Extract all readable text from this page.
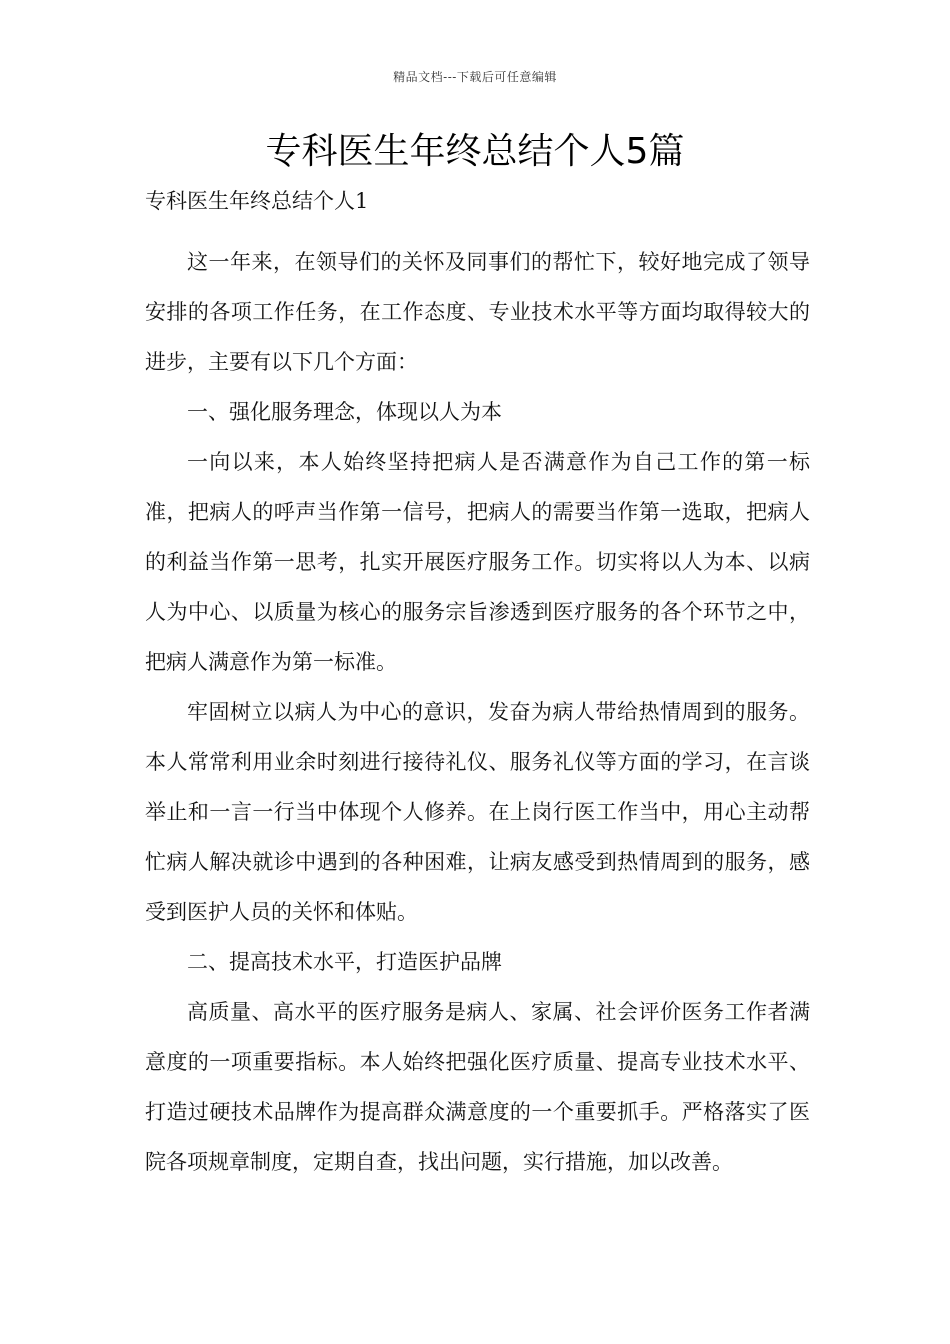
精品文档---下载后可任意编辑
专科医生年终总结个人5篇

专科医生年终总结个人1

这一年来，在领导们的关怀及同事们的帮忙下，较好地完成了领导安排的各项工作任务，在工作态度、专业技术水平等方面均取得较大的进步，主要有以下几个方面：

一、强化服务理念，体现以人为本

一向以来，本人始终坚持把病人是否满意作为自己工作的第一标准，把病人的呼声当作第一信号，把病人的需要当作第一选取，把病人的利益当作第一思考，扎实开展医疗服务工作。切实将以人为本、以病人为中心、以质量为核心的服务宗旨渗透到医疗服务的各个环节之中，把病人满意作为第一标准。

牢固树立以病人为中心的意识，发奋为病人带给热情周到的服务。本人常常利用业余时刻进行接待礼仪、服务礼仪等方面的学习，在言谈举止和一言一行当中体现个人修养。在上岗行医工作当中，用心主动帮忙病人解决就诊中遇到的各种困难，让病友感受到热情周到的服务，感受到医护人员的关怀和体贴。

二、提高技术水平，打造医护品牌

高质量、高水平的医疗服务是病人、家属、社会评价医务工作者满意度的一项重要指标。本人始终把强化医疗质量、提高专业技术水平、打造过硬技术品牌作为提高群众满意度的一个重要抓手。严格落实了医院各项规章制度，定期自查，找出问题，实行措施，加以改善。
